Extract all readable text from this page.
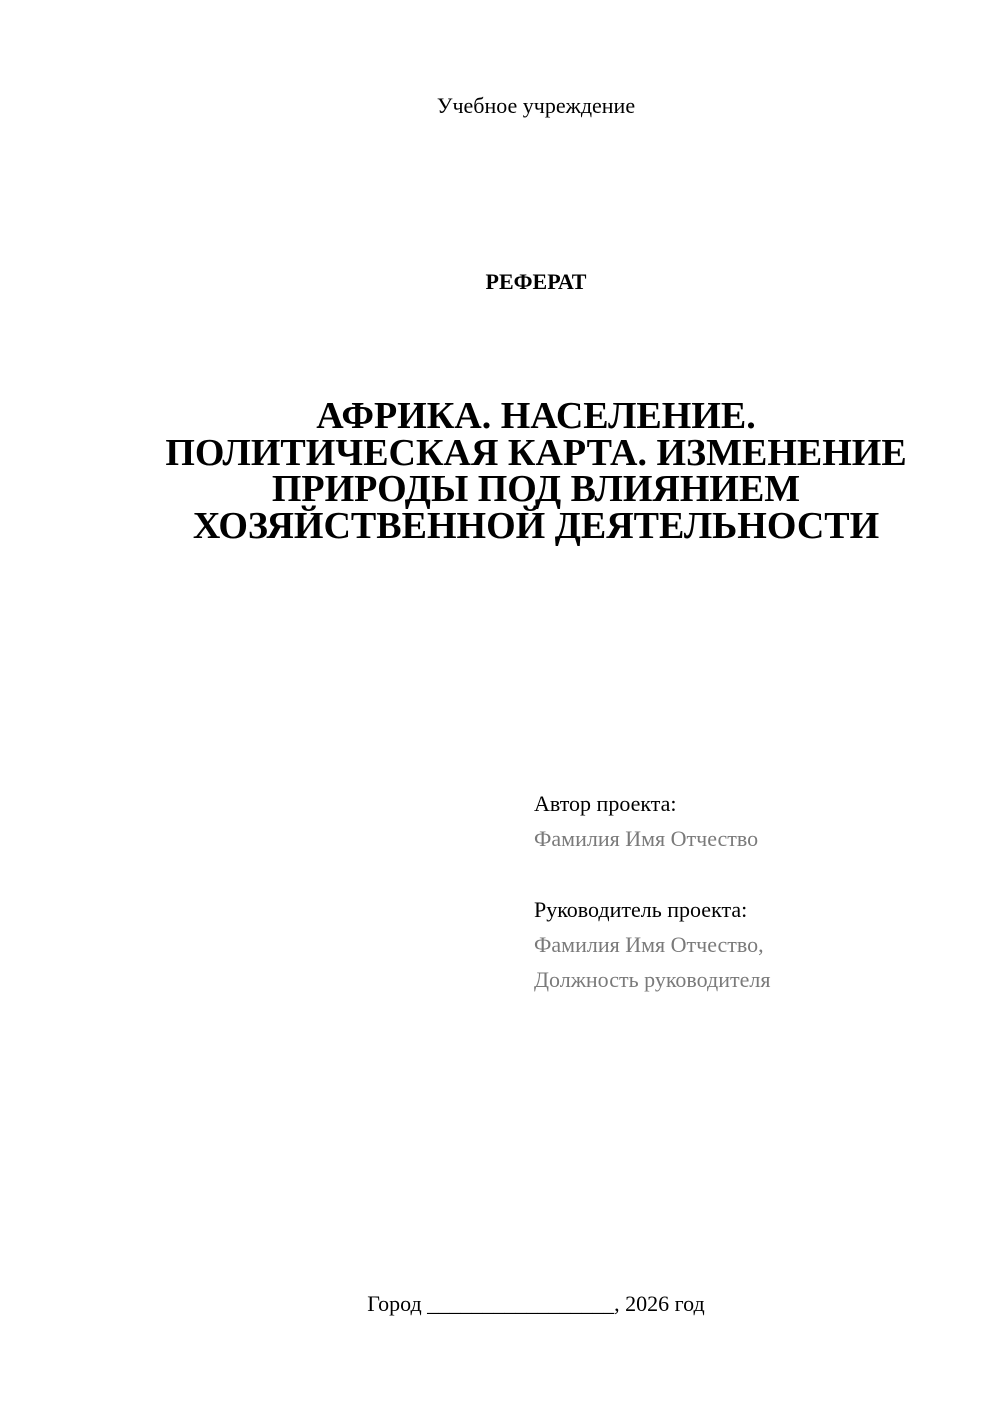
Учебное учреждение
РЕФЕРАТ
АФРИКА. НАСЕЛЕНИЕ.
ПОЛИТИЧЕСКАЯ КАРТА. ИЗМЕНЕНИЕ
ПРИРОДЫ ПОД ВЛИЯНИЕМ
ХОЗЯЙСТВЕННОЙ ДЕЯТЕЛЬНОСТИ
Автор проекта:
Фамилия Имя Отчество
Руководитель проекта:
Фамилия Имя Отчество,
Должность руководителя
Город _________________, 2026 год
